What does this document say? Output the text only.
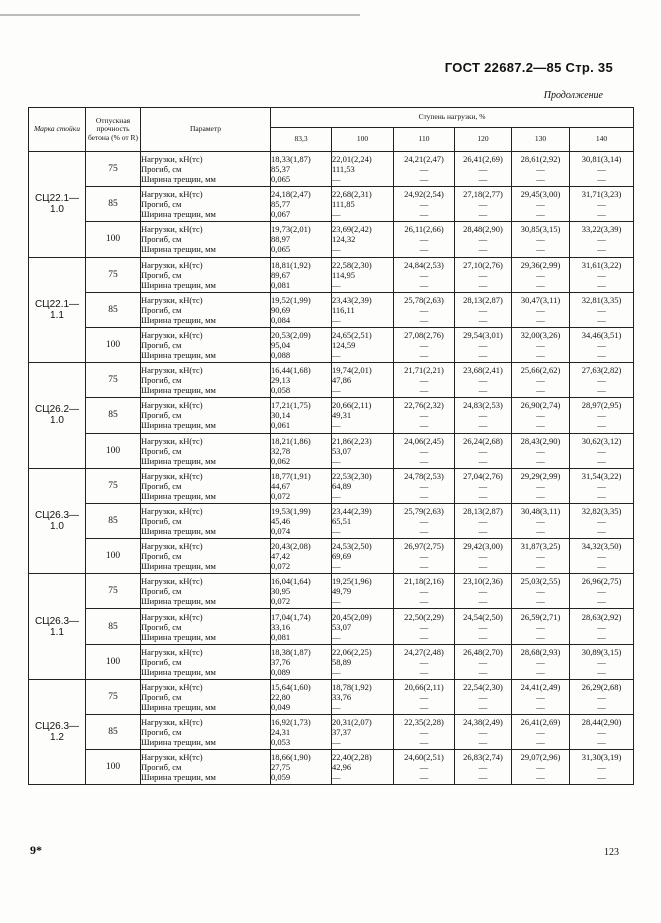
ГОСТ 22687.2—85 Стр. 35
Продолжение
Марка стойки	Отпускная прочность бетона (% от R)	Параметр	Ступень нагрузки, %					
			83,3	100	110	120	130	140
СЦ22.1—1.0	75	Нагрузки, кН(тс)
Прогиб, см
Ширина трещин, мм	18,33(1,87)
85,37
0,065	22,01(2,24)
111,53
—	24,21(2,47)
—
—	26,41(2,69)
—
—	28,61(2,92)
—
—	30,81(3,14)
—
—

	85	Нагрузки, кН(тс)
Прогиб, см
Ширина трещин, мм	24,18(2,47)
85,77
0,067	22,68(2,31)
111,85
—	24,92(2,54)
—
—	27,18(2,77)
—
—	29,45(3,00)
—
—	31,71(3,23)
—
—

	100	Нагрузки, кН(тс)
Прогиб, см
Ширина трещин, мм	19,73(2,01)
88,97
0,065	23,69(2,42)
124,32
—	26,11(2,66)
—
—	28,48(2,90)
—
—	30,85(3,15)
—
—	33,22(3,39)
—
—

СЦ22.1—1.1	75	Нагрузки, кН(тс)
Прогиб, см
Ширина трещин, мм	18,81(1,92)
89,67
0,081	22,58(2,30)
114,95
—	24,84(2,53)
—
—	27,10(2,76)
—
—	29,36(2,99)
—
—	31,61(3,22)
—
—

	85	Нагрузки, кН(тс)
Прогиб, см
Ширина трещин, мм	19,52(1,99)
90,69
0,084	23,43(2,39)
116,11
—	25,78(2,63)
—
—	28,13(2,87)
—
—	30,47(3,11)
—
—	32,81(3,35)
—
—

	100	Нагрузки, кН(тс)
Прогиб, см
Ширина трещин, мм	20,53(2,09)
95,04
0,088	24,65(2,51)
124,59
—	27,08(2,76)
—
—	29,54(3,01)
—
—	32,00(3,26)
—
—	34,46(3,51)
—
—

СЦ26.2—1.0	75	Нагрузки, кН(тс)
Прогиб, см
Ширина трещин, мм	16,44(1,68)
29,13
0,058	19,74(2,01)
47,86
—	21,71(2,21)
—
—	23,68(2,41)
—
—	25,66(2,62)
—
—	27,63(2,82)
—
—

	85	Нагрузки, кН(тс)
Прогиб, см
Ширина трещин, мм	17,21(1,75)
30,14
0,061	20,66(2,11)
49,31
—	22,76(2,32)
—
—	24,83(2,53)
—
—	26,90(2,74)
—
—	28,97(2,95)
—
—

	100	Нагрузки, кН(тс)
Прогиб, см
Ширина трещин, мм	18,21(1,86)
32,78
0,062	21,86(2,23)
53,07
—	24,06(2,45)
—
—	26,24(2,68)
—
—	28,43(2,90)
—
—	30,62(3,12)
—
—

СЦ26.3—1.0	75	Нагрузки, кН(тс)
Прогиб, см
Ширина трещин, мм	18,77(1,91)
44,67
0,072	22,53(2,30)
64,89
—	24,78(2,53)
—
—	27,04(2,76)
—
—	29,29(2,99)
—
—	31,54(3,22)
—
—

	85	Нагрузки, кН(тс)
Прогиб, см
Ширина трещин, мм	19,53(1,99)
45,46
0,074	23,44(2,39)
65,51
—	25,79(2,63)
—
—	28,13(2,87)
—
—	30,48(3,11)
—
—	32,82(3,35)
—
—

	100	Нагрузки, кН(тс)
Прогиб, см
Ширина трещин, мм	20,43(2,08)
47,42
0,072	24,53(2,50)
69,69
—	26,97(2,75)
—
—	29,42(3,00)
—
—	31,87(3,25)
—
—	34,32(3,50)
—
—

СЦ26.3—1.1	75	Нагрузки, кН(тс)
Прогиб, см
Ширина трещин, мм	16,04(1,64)
30,95
0,072	19,25(1,96)
49,79
—	21,18(2,16)
—
—	23,10(2,36)
—
—	25,03(2,55)
—
—	26,96(2,75)
—
—

	85	Нагрузки, кН(тс)
Прогиб, см
Ширина трещин, мм	17,04(1,74)
33,16
0,081	20,45(2,09)
53,07
—	22,50(2,29)
—
—	24,54(2,50)
—
—	26,59(2,71)
—
—	28,63(2,92)
—
—

	100	Нагрузки, кН(тс)
Прогиб, см
Ширина трещин, мм	18,38(1,87)
37,76
0,089	22,06(2,25)
58,89
—	24,27(2,48)
—
—	26,48(2,70)
—
—	28,68(2,93)
—
—	30,89(3,15)
—
—

СЦ26.3—1.2	75	Нагрузки, кН(тс)
Прогиб, см
Ширина трещин, мм	15,64(1,60)
22,80
0,049	18,78(1,92)
33,76
—	20,66(2,11)
—
—	22,54(2,30)
—
—	24,41(2,49)
—
—	26,29(2,68)
—
—

	85	Нагрузки, кН(тс)
Прогиб, см
Ширина трещин, мм	16,92(1,73)
24,31
0,053	20,31(2,07)
37,37
—	22,35(2,28)
—
—	24,38(2,49)
—
—	26,41(2,69)
—
—	28,44(2,90)
—
—

	100	Нагрузки, кН(тс)
Прогиб, см
Ширина трещин, мм	18,66(1,90)
27,75
0,059	22,40(2,28)
42,96
—	24,60(2,51)
—
—	26,83(2,74)
—
—	29,07(2,96)
—
—	31,30(3,19)
—
—
9*	123
